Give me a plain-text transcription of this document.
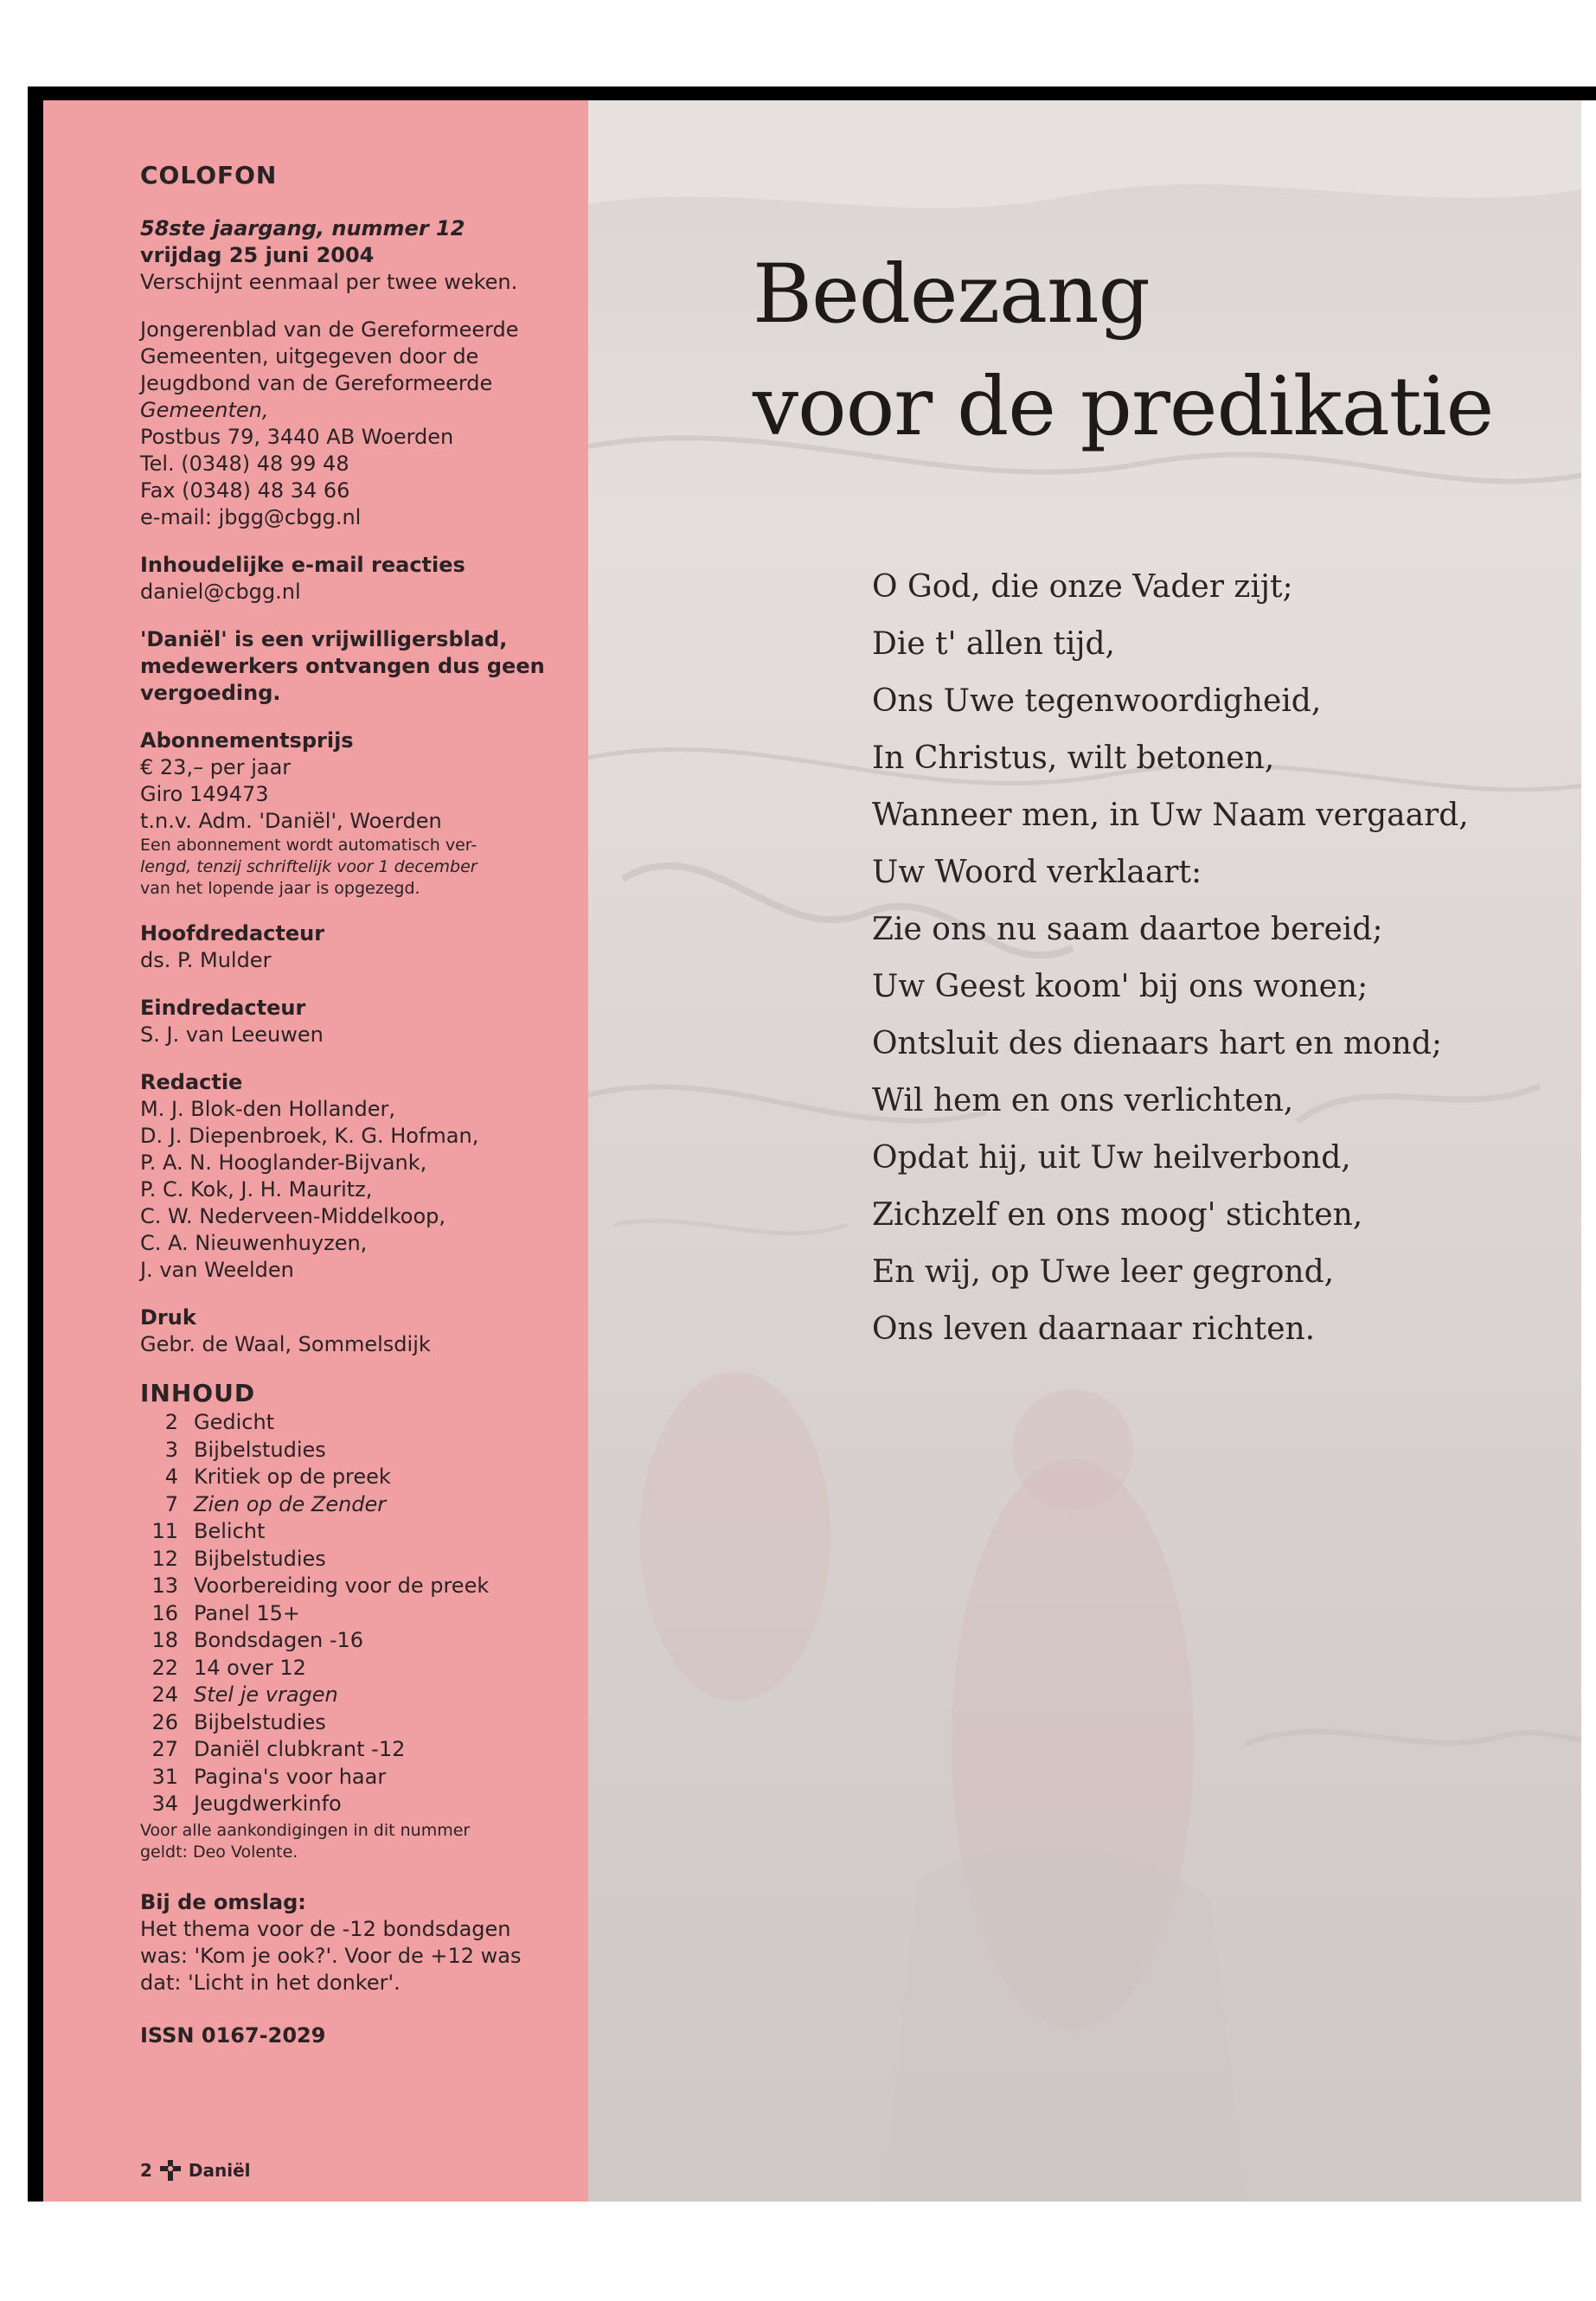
COLOFON
58ste jaargang, nummer 12
vrijdag 25 juni 2004
Verschijnt eenmaal per twee weken.
Jongerenblad van de Gereformeerde
Gemeenten, uitgegeven door de
Jeugdbond van de Gereformeerde
Gemeenten,
Postbus 79, 3440 AB Woerden
Tel. (0348) 48 99 48
Fax (0348) 48 34 66
e-mail: jbgg@cbgg.nl
Inhoudelijke e-mail reacties
daniel@cbgg.nl
'Daniël' is een vrijwilligersblad,
medewerkers ontvangen dus geen
vergoeding.
Abonnementsprijs
€ 23,– per jaar
Giro 149473
t.n.v. Adm. 'Daniël', Woerden
Een abonnement wordt automatisch ver-
lengd, tenzij schriftelijk voor 1 december
van het lopende jaar is opgezegd.
Hoofdredacteur
ds. P. Mulder
Eindredacteur
S. J. van Leeuwen
Redactie
M. J. Blok-den Hollander,
D. J. Diepenbroek, K. G. Hofman,
P. A. N. Hooglander-Bijvank,
P. C. Kok, J. H. Mauritz,
C. W. Nederveen-Middelkoop,
C. A. Nieuwenhuyzen,
J. van Weelden
Druk
Gebr. de Waal, Sommelsdijk
INHOUD
2 Gedicht
3 Bijbelstudies
4 Kritiek op de preek
7 Zien op de Zender
11 Belicht
12 Bijbelstudies
13 Voorbereiding voor de preek
16 Panel 15+
18 Bondsdagen -16
22 14 over 12
24 Stel je vragen
26 Bijbelstudies
27 Daniël clubkrant -12
31 Pagina's voor haar
34 Jeugdwerkinfo
Voor alle aankondigingen in dit nummer
geldt: Deo Volente.
Bij de omslag:
Het thema voor de -12 bondsdagen
was: 'Kom je ook?'. Voor de +12 was
dat: 'Licht in het donker'.
ISSN 0167-2029
2 Daniël
Bedezang
voor de predikatie
O God, die onze Vader zijt;
Die t' allen tijd,
Ons Uwe tegenwoordigheid,
In Christus, wilt betonen,
Wanneer men, in Uw Naam vergaard,
Uw Woord verklaart:
Zie ons nu saam daartoe bereid;
Uw Geest koom' bij ons wonen;
Ontsluit des dienaars hart en mond;
Wil hem en ons verlichten,
Opdat hij, uit Uw heilverbond,
Zichzelf en ons moog' stichten,
En wij, op Uwe leer gegrond,
Ons leven daarnaar richten.
